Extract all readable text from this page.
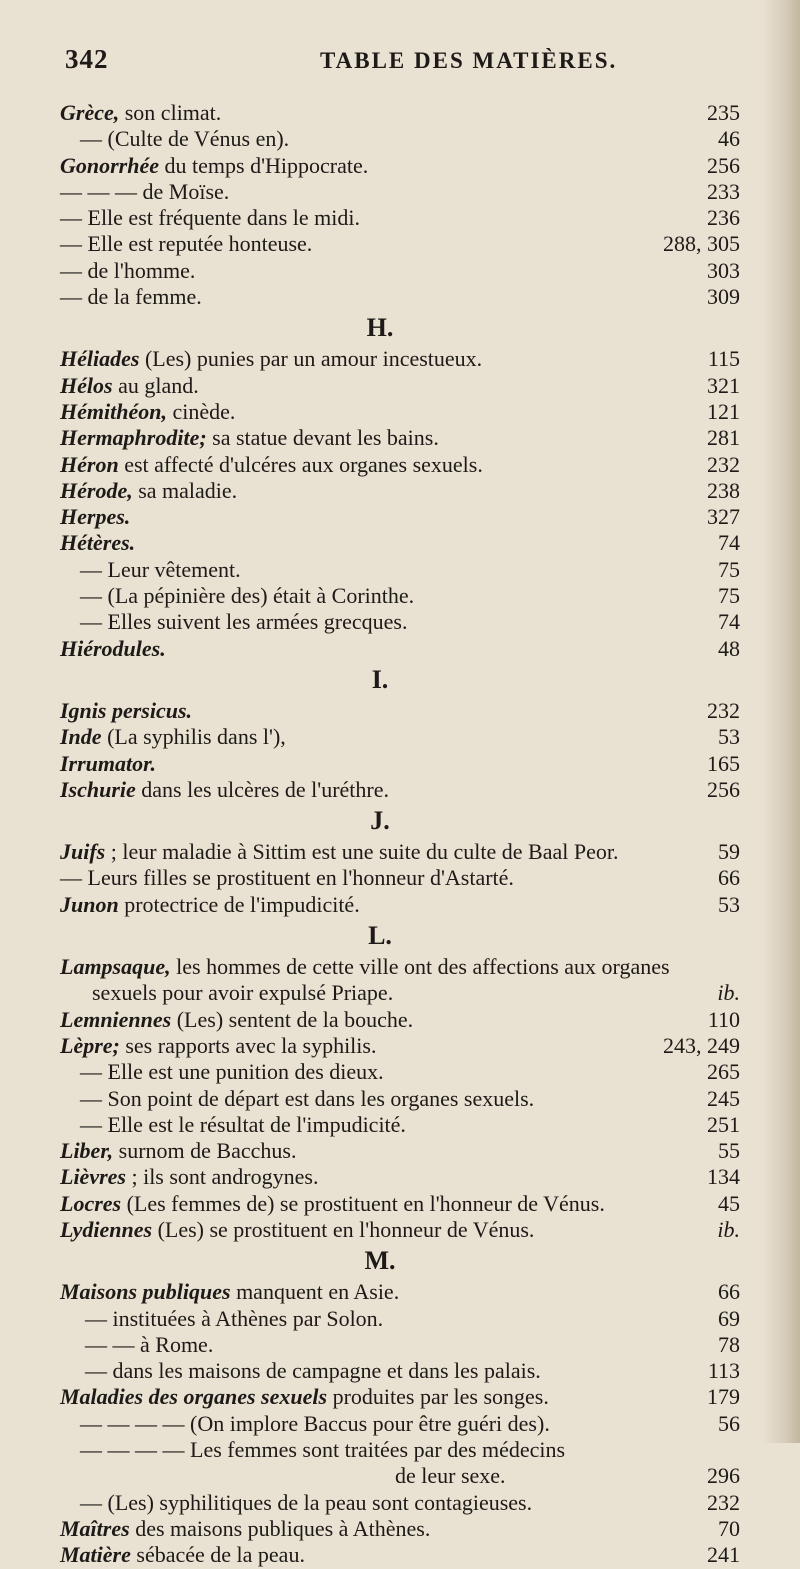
342	TABLE DES MATIÈRES.
Grèce, son climat.	235
— (Culte de Vénus en).	46
Gonorrhée du temps d'Hippocrate.	256
— — — de Moïse.	233
— Elle est fréquente dans le midi.	236
— Elle est reputée honteuse.	288, 305
— de l'homme.	303
— de la femme.	309
H.
Héliades (Les) punies par un amour incestueux.	115
Hélos au gland.	321
Hémithéon, cinède.	121
Hermaphrodite; sa statue devant les bains.	281
Héron est affecté d'ulcéres aux organes sexuels.	232
Hérode, sa maladie.	238
Herpes.	327
Hétères.	74
— Leur vêtement.	75
— (La pépinière des) était à Corinthe.	75
— Elles suivent les armées grecques.	74
Hiérodules.	48
I.
Ignis persicus.	232
Inde (La syphilis dans l'),	53
Irrumator.	165
Ischurie dans les ulcères de l'uréthre.	256
J.
Juifs ; leur maladie à Sittim est une suite du culte de Baal Peor.	59
— Leurs filles se prostituent en l'honneur d'Astarté.	66
Junon protectrice de l'impudicité.	53
L.
Lampsaque, les hommes de cette ville ont des affections aux organes
sexuels pour avoir expulsé Priape.	ib.
Lemniennes (Les) sentent de la bouche.	110
Lèpre; ses rapports avec la syphilis.	243, 249
— Elle est une punition des dieux.	265
— Son point de départ est dans les organes sexuels.	245
— Elle est le résultat de l'impudicité.	251
Liber, surnom de Bacchus.	55
Lièvres ; ils sont androgynes.	134
Locres (Les femmes de) se prostituent en l'honneur de Vénus.	45
Lydiennes (Les) se prostituent en l'honneur de Vénus.	ib.
M.
Maisons publiques manquent en Asie.	66
— instituées à Athènes par Solon.	69
— — à Rome.	78
— dans les maisons de campagne et dans les palais.	113
Maladies des organes sexuels produites par les songes.	179
— — — — (On implore Baccus pour être guéri des).	56
— — — — Les femmes sont traitées par des médecins
de leur sexe.	296
— (Les) syphilitiques de la peau sont contagieuses.	232
Maîtres des maisons publiques à Athènes.	70
Matière sébacée de la peau.	241
